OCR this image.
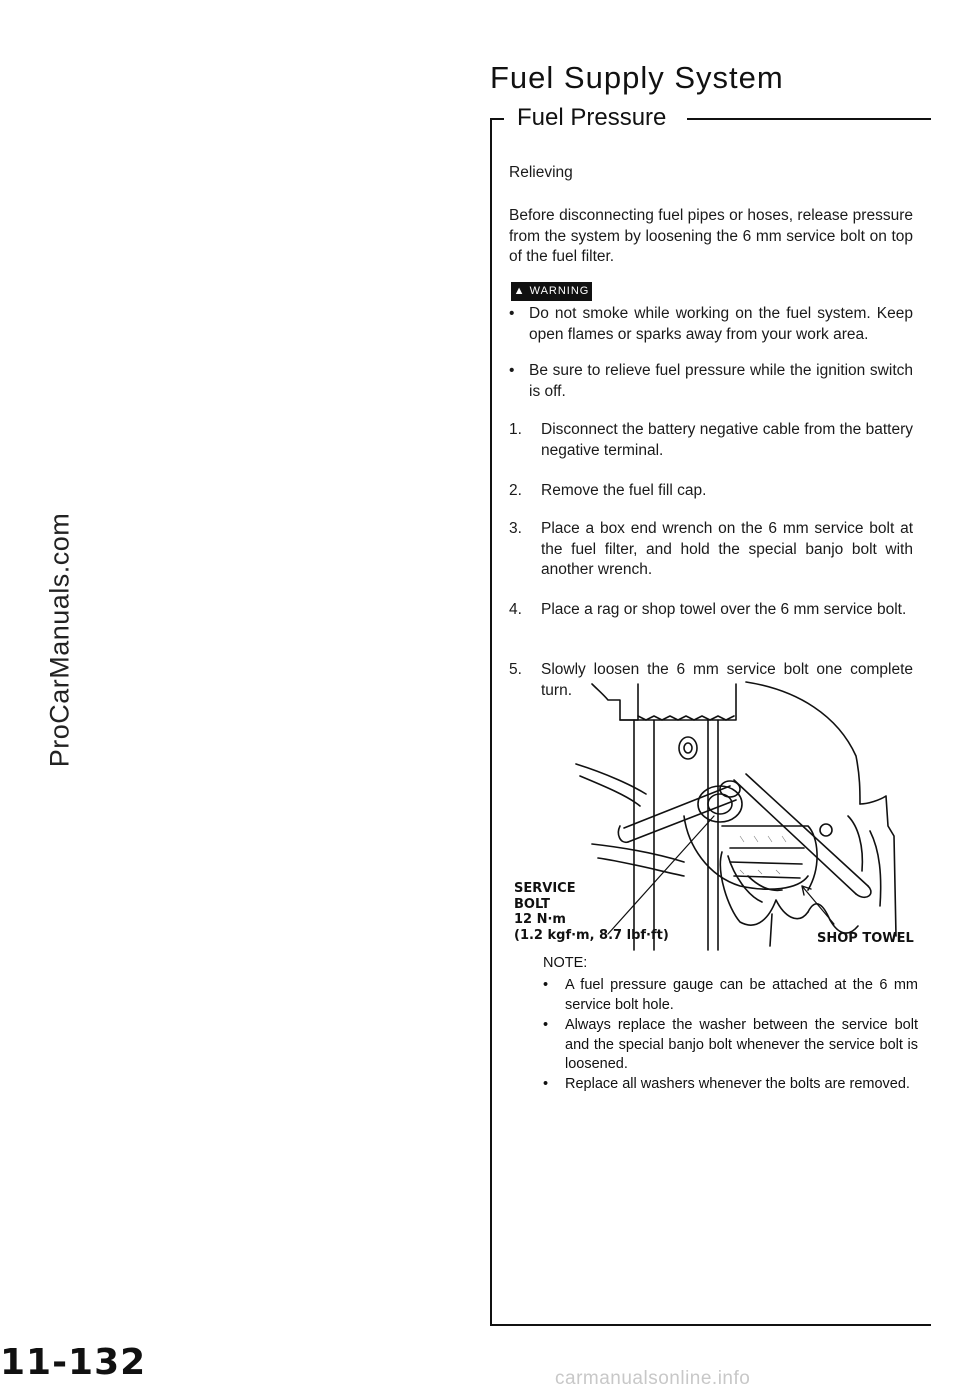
ProCarManuals.com
Fuel Supply System
Fuel Pressure
Relieving
Before disconnecting fuel pipes or hoses, release pressure from the system by loosening the 6 mm service bolt on top of the fuel filter.
▲ WARNING
• Do not smoke while working on the fuel system. Keep open flames or sparks away from your work area.
• Be sure to relieve fuel pressure while the ignition switch is off.
1. Disconnect the battery negative cable from the battery negative terminal.
2. Remove the fuel fill cap.
3. Place a box end wrench on the 6 mm service bolt at the fuel filter, and hold the special banjo bolt with another wrench.
4. Place a rag or shop towel over the 6 mm service bolt.
5. Slowly loosen the 6 mm service bolt one complete turn.
SERVICE
BOLT
12 N·m
(1.2 kgf·m, 8.7 lbf·ft)	SHOP TOWEL
NOTE:
• A fuel pressure gauge can be attached at the 6 mm service bolt hole.
• Always replace the washer between the service bolt and the special banjo bolt whenever the service bolt is loosened.
• Replace all washers whenever the bolts are removed.
11-132	carmanualsonline.info
